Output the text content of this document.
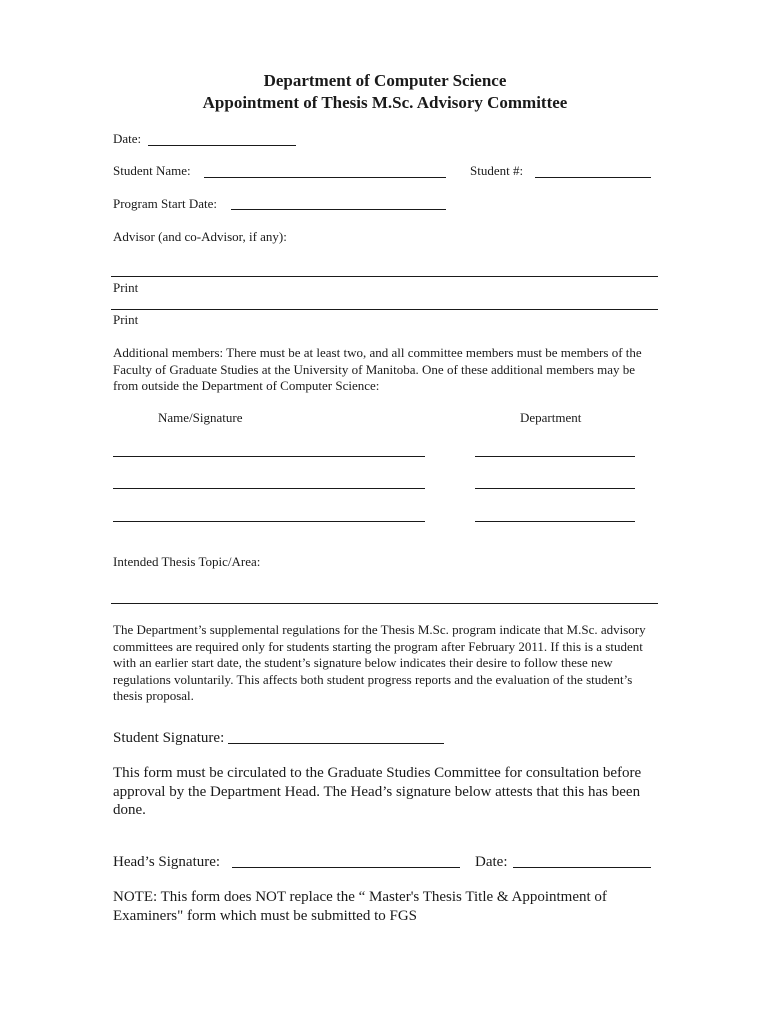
Department of Computer Science
Appointment of Thesis M.Sc. Advisory Committee
Date:
Student Name:	Student #:
Program Start Date:
Advisor (and co-Advisor, if any):
Print
Print
Additional members: There must be at least two, and all committee members must be members of the Faculty of Graduate Studies at the University of Manitoba. One of these additional members may be from outside the Department of Computer Science:
Name/Signature	Department
Intended Thesis Topic/Area:
The Department’s supplemental regulations for the Thesis M.Sc. program indicate that M.Sc. advisory committees are required only for students starting the program after February 2011. If this is a student with an earlier start date, the student’s signature below indicates their desire to follow these new regulations voluntarily. This affects both student progress reports and the evaluation of the student’s thesis proposal.
Student Signature:
This form must be circulated to the Graduate Studies Committee for consultation before approval by the Department Head. The Head’s signature below attests that this has been done.
Head’s Signature:	Date:
NOTE: This form does NOT replace the “ Master's Thesis Title & Appointment of Examiners" form which must be submitted to FGS
